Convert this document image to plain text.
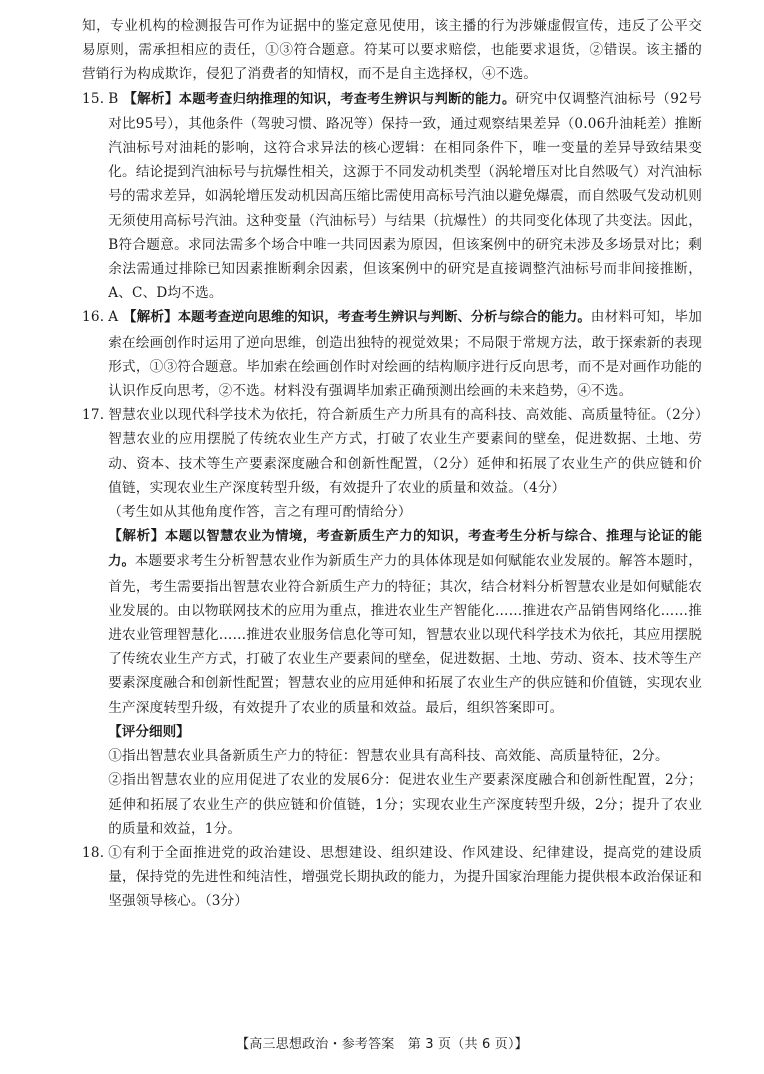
知，专业机构的检测报告可作为证据中的鉴定意见使用，该主播的行为涉嫌虚假宣传，违反了公平交易原则，需承担相应的责任，①③符合题意。符某可以要求赔偿，也能要求退货，②错误。该主播的营销行为构成欺诈，侵犯了消费者的知情权，而不是自主选择权，④不选。

15. B 【解析】本题考查归纳推理的知识，考查考生辨识与判断的能力。研究中仅调整汽油标号（92号对比95号），其他条件（驾驶习惯、路况等）保持一致，通过观察结果差异（0.06升油耗差）推断汽油标号对油耗的影响，这符合求异法的核心逻辑：在相同条件下，唯一变量的差异导致结果变化。结论提到汽油标号与抗爆性相关，这源于不同发动机类型（涡轮增压对比自然吸气）对汽油标号的需求差异，如涡轮增压发动机因高压缩比需使用高标号汽油以避免爆震，而自然吸气发动机则无须使用高标号汽油。这种变量（汽油标号）与结果（抗爆性）的共同变化体现了共变法。因此，B符合题意。求同法需多个场合中唯一共同因素为原因，但该案例中的研究未涉及多场景对比；剩余法需通过排除已知因素推断剩余因素，但该案例中的研究是直接调整汽油标号而非间接推断，A、C、D均不选。
16. A 【解析】本题考查逆向思维的知识，考查考生辨识与判断、分析与综合的能力。由材料可知，毕加索在绘画创作时运用了逆向思维，创造出独特的视觉效果；不局限于常规方法，敢于探索新的表现形式，①③符合题意。毕加索在绘画创作时对绘画的结构顺序进行反向思考，而不是对画作功能的认识作反向思考，②不选。材料没有强调毕加索正确预测出绘画的未来趋势，④不选。
17. 智慧农业以现代科学技术为依托，符合新质生产力所具有的高科技、高效能、高质量特征。（2分）智慧农业的应用摆脱了传统农业生产方式，打破了农业生产要素间的壁垒，促进数据、土地、劳动、资本、技术等生产要素深度融合和创新性配置，（2分）延伸和拓展了农业生产的供应链和价值链，实现农业生产深度转型升级，有效提升了农业的质量和效益。（4分）

（考生如从其他角度作答，言之有理可酌情给分）

【解析】本题以智慧农业为情境，考查新质生产力的知识，考查考生分析与综合、推理与论证的能力。本题要求考生分析智慧农业作为新质生产力的具体体现是如何赋能农业发展的。解答本题时，首先，考生需要指出智慧农业符合新质生产力的特征；其次，结合材料分析智慧农业是如何赋能农业发展的。由以物联网技术的应用为重点，推进农业生产智能化……推进农产品销售网络化……推进农业管理智慧化……推进农业服务信息化等可知，智慧农业以现代科学技术为依托，其应用摆脱了传统农业生产方式，打破了农业生产要素间的壁垒，促进数据、土地、劳动、资本、技术等生产要素深度融合和创新性配置；智慧农业的应用延伸和拓展了农业生产的供应链和价值链，实现农业生产深度转型升级，有效提升了农业的质量和效益。最后，组织答案即可。

【评分细则】

①指出智慧农业具备新质生产力的特征：智慧农业具有高科技、高效能、高质量特征，2分。

②指出智慧农业的应用促进了农业的发展6分：促进农业生产要素深度融合和创新性配置，2分；延伸和拓展了农业生产的供应链和价值链，1分；实现农业生产深度转型升级，2分；提升了农业的质量和效益，1分。

18. ①有利于全面推进党的政治建设、思想建设、组织建设、作风建设、纪律建设，提高党的建设质量，保持党的先进性和纯洁性，增强党长期执政的能力，为提升国家治理能力提供根本政治保证和坚强领导核心。（3分）
【高三思想政治・参考答案　第 3 页（共 6 页）】
